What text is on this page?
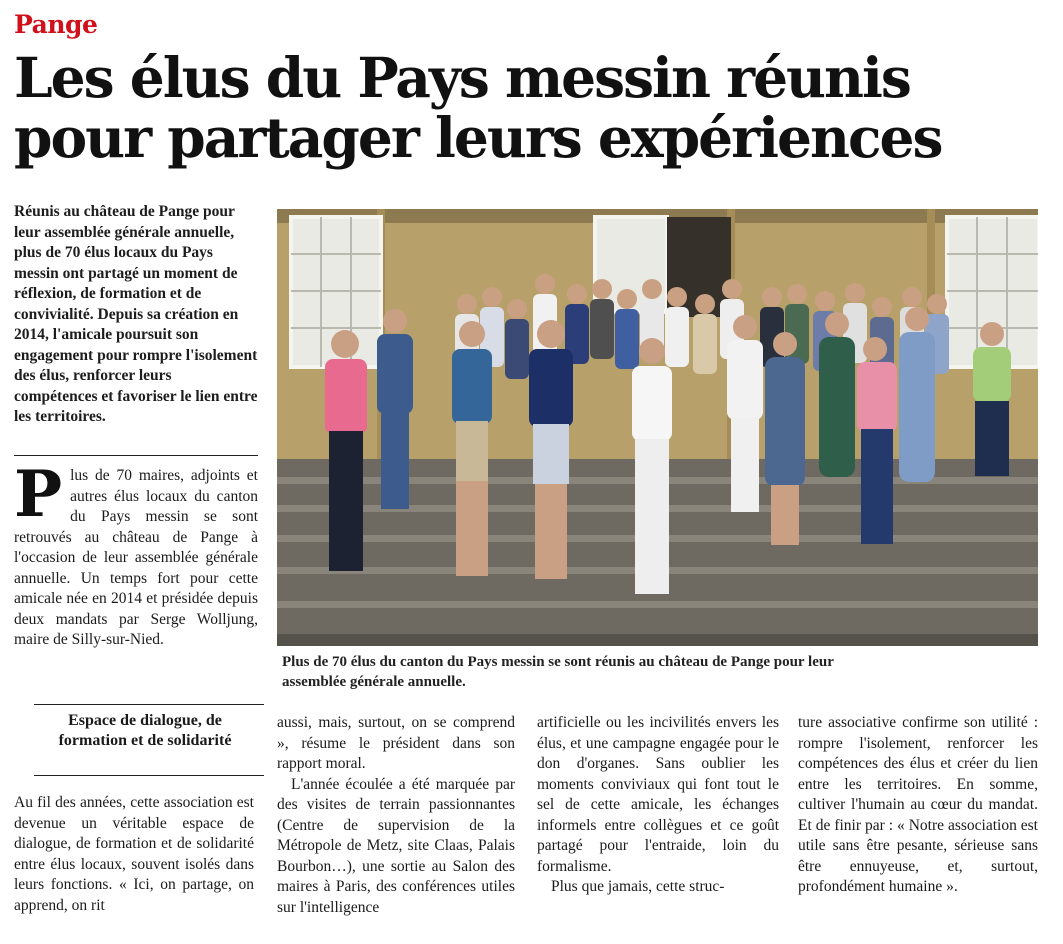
Pange
Les élus du Pays messin réunis pour partager leurs expériences
Réunis au château de Pange pour leur assemblée générale annuelle, plus de 70 élus locaux du Pays messin ont partagé un moment de réflexion, de formation et de convivialité. Depuis sa création en 2014, l'amicale poursuit son engagement pour rompre l'isolement des élus, renforcer leurs compétences et favoriser le lien entre les territoires.
Plus de 70 maires, adjoints et autres élus locaux du canton du Pays messin se sont retrouvés au château de Pange à l'occasion de leur assemblée générale annuelle. Un temps fort pour cette amicale née en 2014 et présidée depuis deux mandats par Serge Wolljung, maire de Silly-sur-Nied.
Espace de dialogue, de formation et de solidarité
Plus de 70 élus du canton du Pays messin se sont réunis au château de Pange pour leur assemblée générale annuelle.

Au fil des années, cette association est devenue un véritable espace de dialogue, de formation et de solidarité entre élus locaux, souvent isolés dans leurs fonctions. « Ici, on partage, on apprend, on rit

aussi, mais, surtout, on se comprend », résume le président dans son rapport moral.

L'année écoulée a été marquée par des visites de terrain passionnantes (Centre de supervision de la Métropole de Metz, site Claas, Palais Bourbon…), une sortie au Salon des maires à Paris, des conférences utiles sur l'intelligence

artificielle ou les incivilités envers les élus, et une campagne engagée pour le don d'organes. Sans oublier les moments conviviaux qui font tout le sel de cette amicale, les échanges informels entre collègues et ce goût partagé pour l'entraide, loin du formalisme.

Plus que jamais, cette struc-

ture associative confirme son utilité : rompre l'isolement, renforcer les compétences des élus et créer du lien entre les territoires. En somme, cultiver l'humain au cœur du mandat. Et de finir par : « Notre association est utile sans être pesante, sérieuse sans être ennuyeuse, et, surtout, profondément humaine ».
